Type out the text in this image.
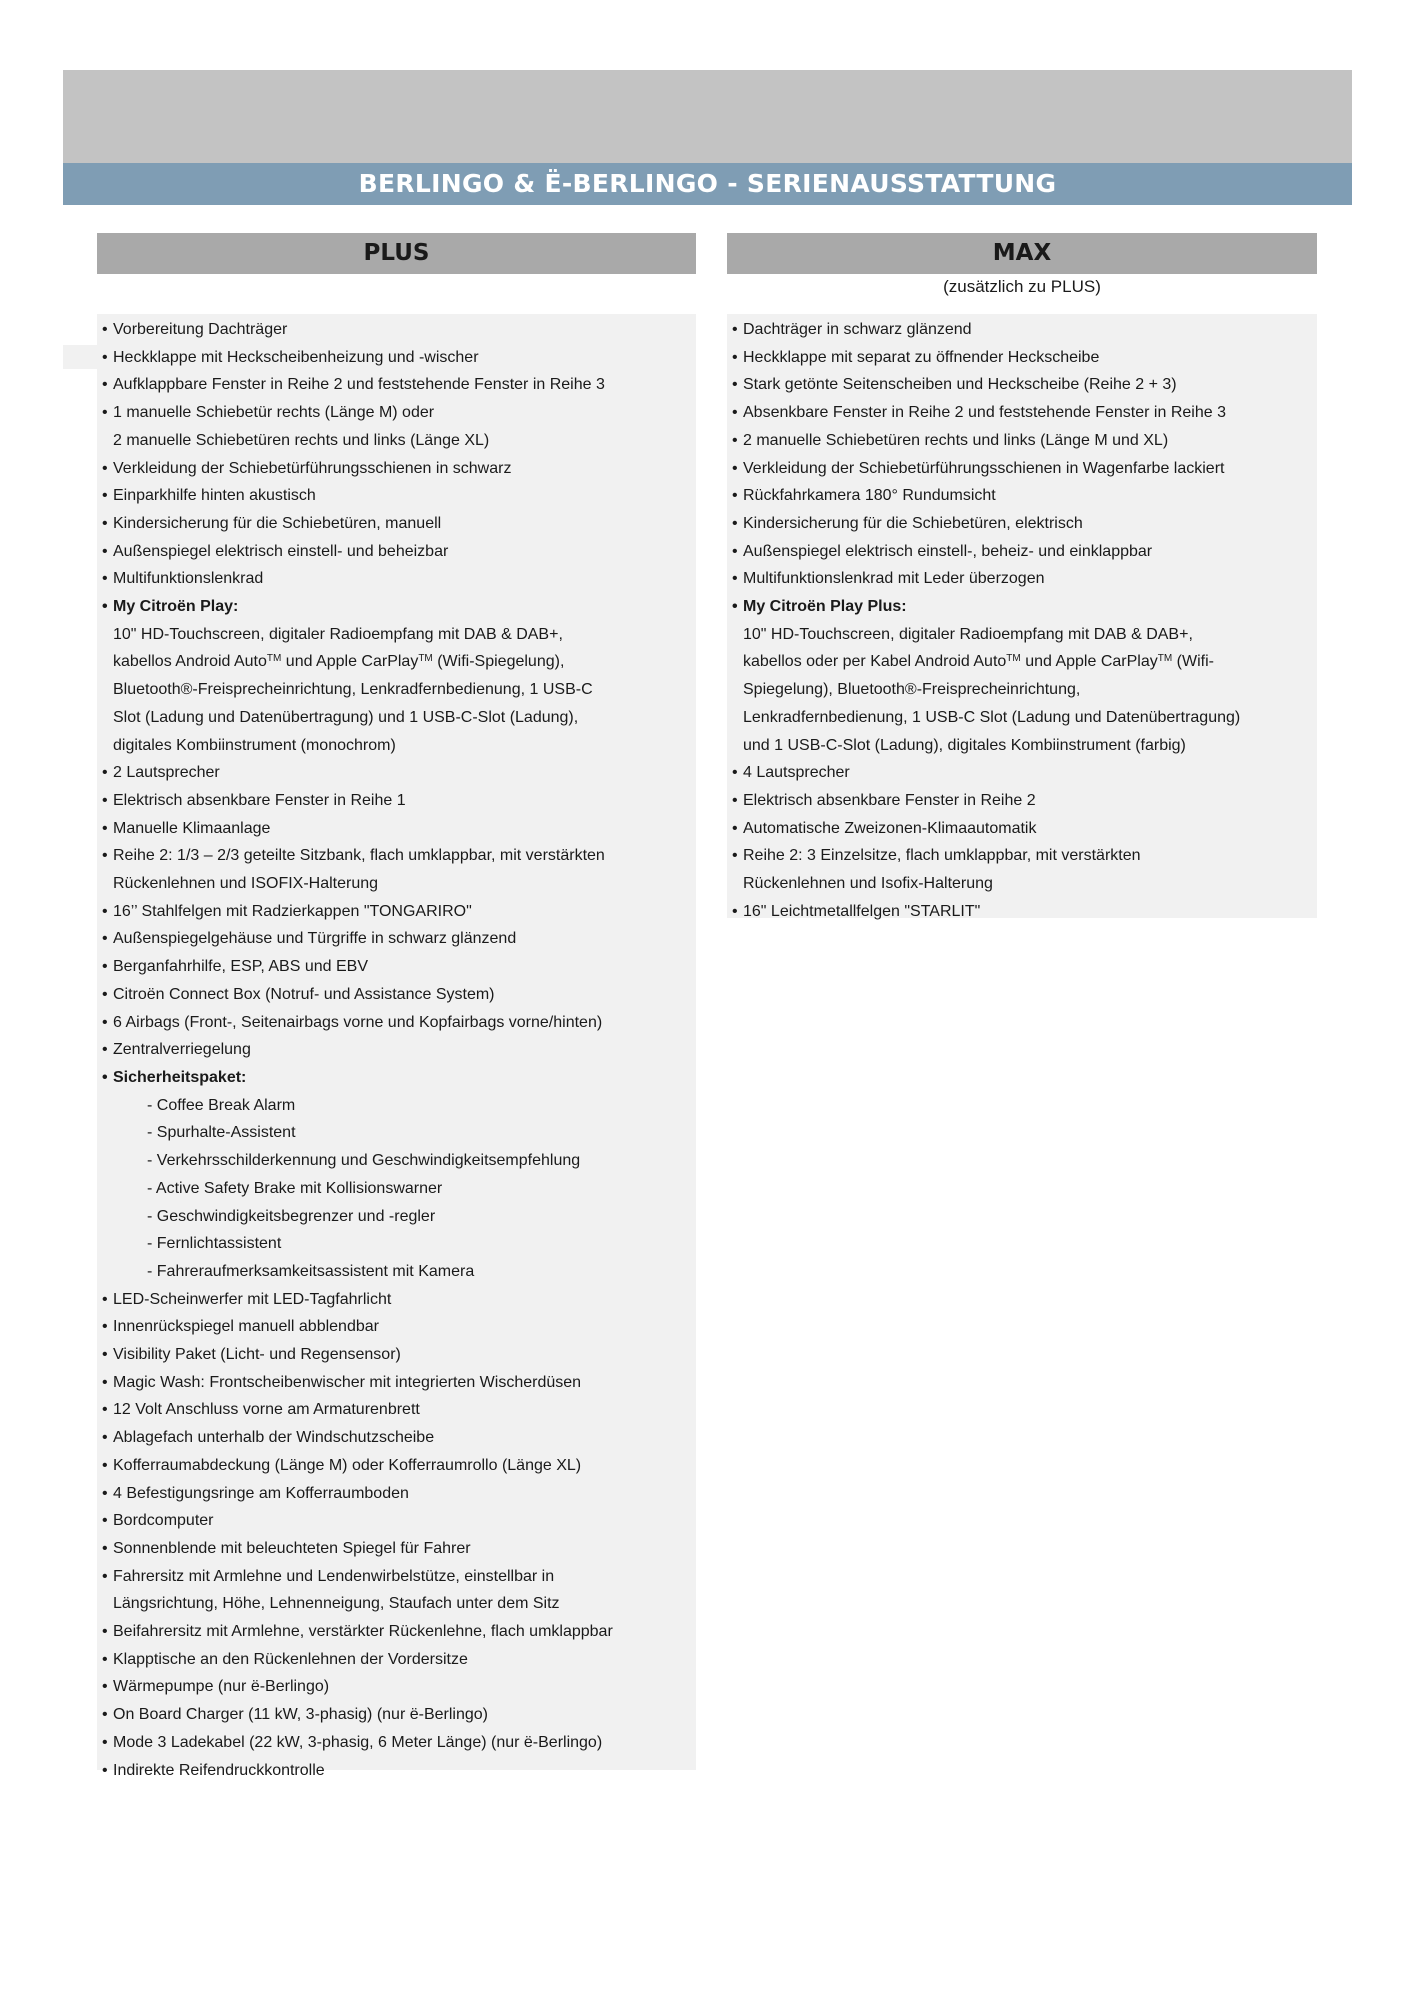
BERLINGO & Ë-BERLINGO - SERIENAUSSTATTUNG
PLUS	MAX
(zusätzlich zu PLUS)
• Vorbereitung Dachträger
• Heckklappe mit Heckscheibenheizung und -wischer
• Aufklappbare Fenster in Reihe 2 und feststehende Fenster in Reihe 3
• 1 manuelle Schiebetür rechts (Länge M) oder
2 manuelle Schiebetüren rechts und links (Länge XL)
• Verkleidung der Schiebetürführungsschienen in schwarz
• Einparkhilfe hinten akustisch
• Kindersicherung für die Schiebetüren, manuell
• Außenspiegel elektrisch einstell- und beheizbar
• Multifunktionslenkrad
• My Citroën Play:
10" HD-Touchscreen, digitaler Radioempfang mit DAB & DAB+,
kabellos Android Auto™ und Apple CarPlay™ (Wifi-Spiegelung),
Bluetooth®-Freisprecheinrichtung, Lenkradfernbedienung, 1 USB-C
Slot (Ladung und Datenübertragung) und 1 USB-C-Slot (Ladung),
digitales Kombiinstrument (monochrom)
• 2 Lautsprecher
• Elektrisch absenkbare Fenster in Reihe 1
• Manuelle Klimaanlage
• Reihe 2: 1/3 – 2/3 geteilte Sitzbank, flach umklappbar, mit verstärkten
Rückenlehnen und ISOFIX-Halterung
• 16’’ Stahlfelgen mit Radzierkappen "TONGARIRO"
• Außenspiegelgehäuse und Türgriffe in schwarz glänzend
• Berganfahrhilfe, ESP, ABS und EBV
• Citroën Connect Box (Notruf- und Assistance System)
• 6 Airbags (Front-, Seitenairbags vorne und Kopfairbags vorne/hinten)
• Zentralverriegelung
• Sicherheitspaket:
- Coffee Break Alarm
- Spurhalte-Assistent
- Verkehrsschilderkennung und Geschwindigkeitsempfehlung
- Active Safety Brake mit Kollisionswarner
- Geschwindigkeitsbegrenzer und -regler
- Fernlichtassistent
- Fahreraufmerksamkeitsassistent mit Kamera
• LED-Scheinwerfer mit LED-Tagfahrlicht
• Innenrückspiegel manuell abblendbar
• Visibility Paket (Licht- und Regensensor)
• Magic Wash: Frontscheibenwischer mit integrierten Wischerdüsen
• 12 Volt Anschluss vorne am Armaturenbrett
• Ablagefach unterhalb der Windschutzscheibe
• Kofferraumabdeckung (Länge M) oder Kofferraumrollo (Länge XL)
• 4 Befestigungsringe am Kofferraumboden
• Bordcomputer
• Sonnenblende mit beleuchteten Spiegel für Fahrer
• Fahrersitz mit Armlehne und Lendenwirbelstütze, einstellbar in
Längsrichtung, Höhe, Lehnenneigung, Staufach unter dem Sitz
• Beifahrersitz mit Armlehne, verstärkter Rückenlehne, flach umklappbar
• Klapptische an den Rückenlehnen der Vordersitze
• Wärmepumpe (nur ë-Berlingo)
• On Board Charger (11 kW, 3-phasig) (nur ë-Berlingo)
• Mode 3 Ladekabel (22 kW, 3-phasig, 6 Meter Länge) (nur ë-Berlingo)
• Indirekte Reifendruckkontrolle
• Dachträger in schwarz glänzend
• Heckklappe mit separat zu öffnender Heckscheibe
• Stark getönte Seitenscheiben und Heckscheibe (Reihe 2 + 3)
• Absenkbare Fenster in Reihe 2 und feststehende Fenster in Reihe 3
• 2 manuelle Schiebetüren rechts und links (Länge M und XL)
• Verkleidung der Schiebetürführungsschienen in Wagenfarbe lackiert
• Rückfahrkamera 180° Rundumsicht
• Kindersicherung für die Schiebetüren, elektrisch
• Außenspiegel elektrisch einstell-, beheiz- und einklappbar
• Multifunktionslenkrad mit Leder überzogen
• My Citroën Play Plus:
10" HD-Touchscreen, digitaler Radioempfang mit DAB & DAB+,
kabellos oder per Kabel Android Auto™ und Apple CarPlay™ (Wifi-
Spiegelung), Bluetooth®-Freisprecheinrichtung,
Lenkradfernbedienung, 1 USB-C Slot (Ladung und Datenübertragung)
und 1 USB-C-Slot (Ladung), digitales Kombiinstrument (farbig)
• 4 Lautsprecher
• Elektrisch absenkbare Fenster in Reihe 2
• Automatische Zweizonen-Klimaautomatik
• Reihe 2: 3 Einzelsitze, flach umklappbar, mit verstärkten
Rückenlehnen und Isofix-Halterung
• 16" Leichtmetallfelgen "STARLIT"
